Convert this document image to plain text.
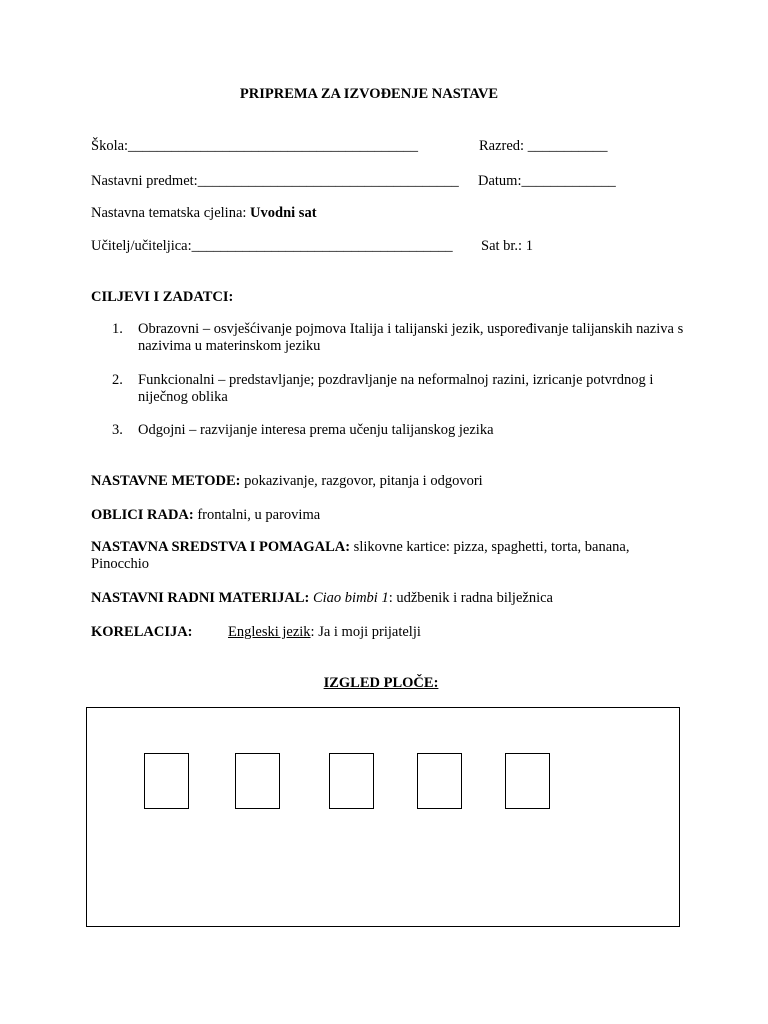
PRIPREMA ZA IZVOĐENJE NASTAVE
Škola:________________________________________	Razred: ___________
Nastavni predmet:____________________________________ Datum:_____________
Nastavna tematska cjelina: Uvodni sat
Učitelj/učiteljica:____________________________________ Sat br.: 1
CILJEVI I ZADATCI:
1. Obrazovni – osvješćivanje pojmova Italija i talijanski jezik, uspoređivanje talijanskih naziva s nazivima u materinskom jeziku
2. Funkcionalni – predstavljanje; pozdravljanje na neformalnoj razini, izricanje potvrdnog i niječnog oblika
3. Odgojni – razvijanje interesa prema učenju talijanskog jezika
NASTAVNE METODE: pokazivanje, razgovor, pitanja i odgovori
OBLICI RADA: frontalni, u parovima
NASTAVNA SREDSTVA I POMAGALA: slikovne kartice: pizza, spaghetti, torta, banana, Pinocchio
NASTAVNI RADNI MATERIJAL: Ciao bimbi 1: udžbenik i radna bilježnica
KORELACIJA: Engleski jezik: Ja i moji prijatelji
IZGLED PLOČE:
